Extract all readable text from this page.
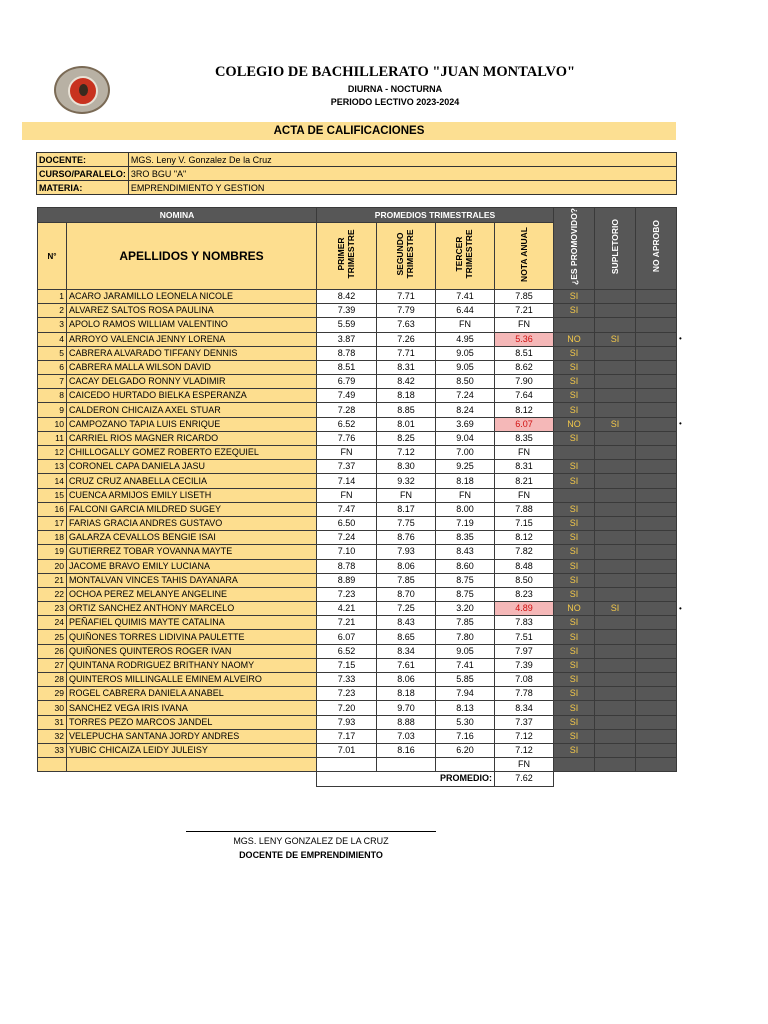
COLEGIO DE BACHILLERATO "JUAN MONTALVO"
DIURNA - NOCTURNA
PERIODO LECTIVO 2023-2024
ACTA DE CALIFICACIONES
DOCENTE:	MGS. Leny V. Gonzalez De la Cruz
CURSO/PARALELO:	3RO BGU "A"
MATERIA:	EMPRENDIMIENTO Y GESTION
NOMINA		PROMEDIOS TRIMESTRALES				¿ES PROMOVIDO?	SUPLETORIO	NO APROBO
N°	APELLIDOS Y NOMBRES	PRIMER TRIMESTRE	SEGUNDO TRIMESTRE	TERCER TRIMESTRE	NOTA ANUAL			
1	ACARO JARAMILLO LEONELA NICOLE	8.42	7.71	7.41	7.85	SI		
2	ALVAREZ SALTOS ROSA PAULINA	7.39	7.79	6.44	7.21	SI		
3	APOLO RAMOS WILLIAM VALENTINO	5.59	7.63	FN	FN			
4	ARROYO VALENCIA JENNY LORENA	3.87	7.26	4.95	5.36	NO	SI	
5	CABRERA ALVARADO TIFFANY DENNIS	8.78	7.71	9.05	8.51	SI		
6	CABRERA MALLA WILSON DAVID	8.51	8.31	9.05	8.62	SI		
7	CACAY DELGADO RONNY VLADIMIR	6.79	8.42	8.50	7.90	SI		
8	CAICEDO HURTADO BIELKA ESPERANZA	7.49	8.18	7.24	7.64	SI		
9	CALDERON CHICAIZA AXEL STUAR	7.28	8.85	8.24	8.12	SI		
10	CAMPOZANO TAPIA LUIS ENRIQUE	6.52	8.01	3.69	6.07	NO	SI	
11	CARRIEL RIOS MAGNER RICARDO	7.76	8.25	9.04	8.35	SI		
12	CHILLOGALLY GOMEZ ROBERTO EZEQUIEL	FN	7.12	7.00	FN			
13	CORONEL CAPA DANIELA JASU	7.37	8.30	9.25	8.31	SI		
14	CRUZ CRUZ ANABELLA CECILIA	7.14	9.32	8.18	8.21	SI		
15	CUENCA ARMIJOS EMILY LISETH	FN	FN	FN	FN			
16	FALCONI GARCIA MILDRED SUGEY	7.47	8.17	8.00	7.88	SI		
17	FARIAS GRACIA ANDRES GUSTAVO	6.50	7.75	7.19	7.15	SI		
18	GALARZA CEVALLOS BENGIE ISAI	7.24	8.76	8.35	8.12	SI		
19	GUTIERREZ TOBAR YOVANNA MAYTE	7.10	7.93	8.43	7.82	SI		
20	JACOME BRAVO EMILY LUCIANA	8.78	8.06	8.60	8.48	SI		
21	MONTALVAN VINCES TAHIS DAYANARA	8.89	7.85	8.75	8.50	SI		
22	OCHOA PEREZ MELANYE ANGELINE	7.23	8.70	8.75	8.23	SI		
23	ORTIZ SANCHEZ ANTHONY MARCELO	4.21	7.25	3.20	4.89	NO	SI	
24	PEÑAFIEL QUIMIS MAYTE CATALINA	7.21	8.43	7.85	7.83	SI		
25	QUIÑONES TORRES LIDIVINA PAULETTE	6.07	8.65	7.80	7.51	SI		
26	QUIÑONES QUINTEROS ROGER IVAN	6.52	8.34	9.05	7.97	SI		
27	QUINTANA RODRIGUEZ BRITHANY NAOMY	7.15	7.61	7.41	7.39	SI		
28	QUINTEROS MILLINGALLE EMINEM ALVEIRO	7.33	8.06	5.85	7.08	SI		
29	ROGEL CABRERA DANIELA ANABEL	7.23	8.18	7.94	7.78	SI		
30	SANCHEZ VEGA IRIS IVANA	7.20	9.70	8.13	8.34	SI		
31	TORRES PEZO MARCOS JANDEL	7.93	8.88	5.30	7.37	SI		
32	VELEPUCHA SANTANA JORDY ANDRES	7.17	7.03	7.16	7.12	SI		
33	YUBIC CHICAIZA LEIDY JULEISY	7.01	8.16	6.20	7.12	SI		
					FN			
		PROMEDIO:			7.62			
•
•
•
MGS. LENY GONZALEZ DE LA CRUZ
DOCENTE DE EMPRENDIMIENTO
